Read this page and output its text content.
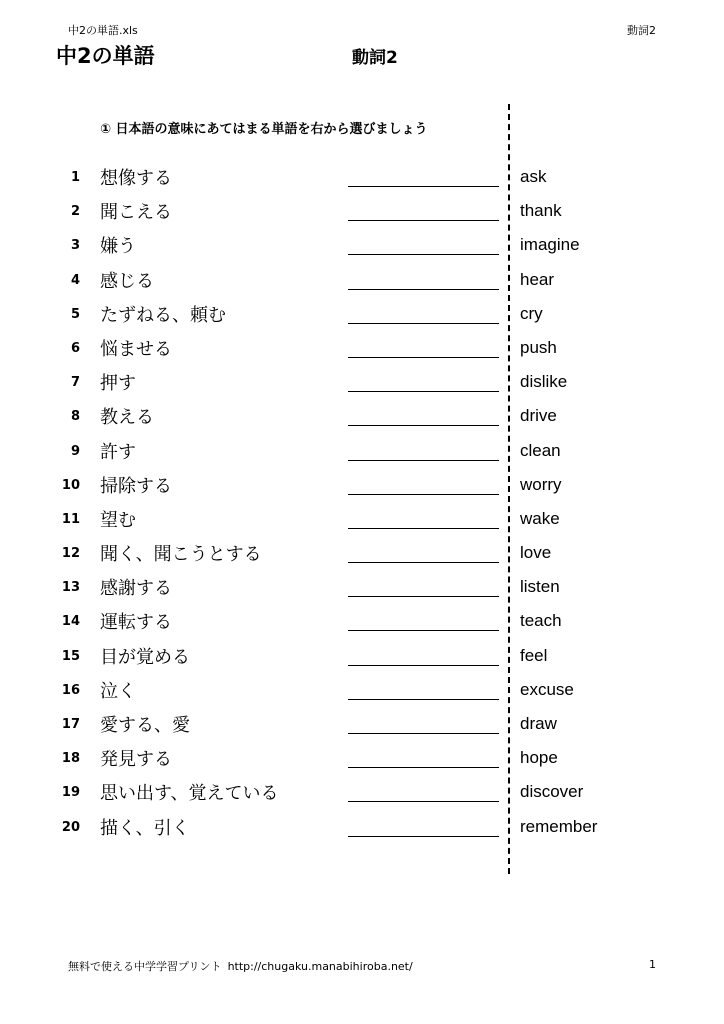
中2の単語.xls	動詞2
中2の単語	動詞2
① 日本語の意味にあてはまる単語を右から選びましょう
1 想像する	ask
2 聞こえる	thank
3 嫌う	imagine
4 感じる	hear
5 たずねる、頼む	cry
6 悩ませる	push
7 押す	dislike
8 教える	drive
9 許す	clean
10 掃除する	worry
11 望む	wake
12 聞く、聞こうとする	love
13 感謝する	listen
14 運転する	teach
15 目が覚める	feel
16 泣く	excuse
17 愛する、愛	draw
18 発見する	hope
19 思い出す、覚えている	discover
20 描く、引く	remember
無料で使える中学学習プリント http://chugaku.manabihiroba.net/	1
